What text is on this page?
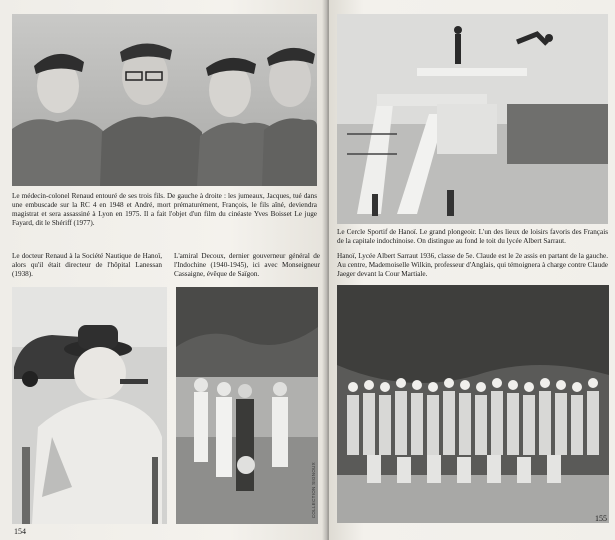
Le médecin-colonel Renaud entouré de ses trois fils. De gauche à droite : les jumeaux, Jacques, tué dans une embuscade sur la RC 4 en 1948 et André, mort prématurément, François, le fils aîné, deviendra magistrat et sera assassiné à Lyon en 1975. Il a fait l'objet d'un film du cinéaste Yves Boisset Le juge Fayard, dit le Shériff (1977).

Le docteur Renaud à la Société Nautique de Hanoï, alors qu'il était directeur de l'hôpital Lanessan (1938).

L'amiral Decoux, dernier gouverneur général de l'Indochine (1940-1945), ici avec Monseigneur Cassaigne, évêque de Saïgon.

COLLECTION SIGNOUX
154

Le Cercle Sportif de Hanoï. Le grand plongeoir. L'un des lieux de loisirs favoris des Français de la capitale indochinoise. On distingue au fond le toit du lycée Albert Sarraut.

Hanoï, Lycée Albert Sarraut 1936, classe de 5e. Claude est le 2e assis en partant de la gauche. Au centre, Mademoiselle Wilkin, professeur d'Anglais, qui témoignera à charge contre Claude Jaeger devant la Cour Martiale.

155
